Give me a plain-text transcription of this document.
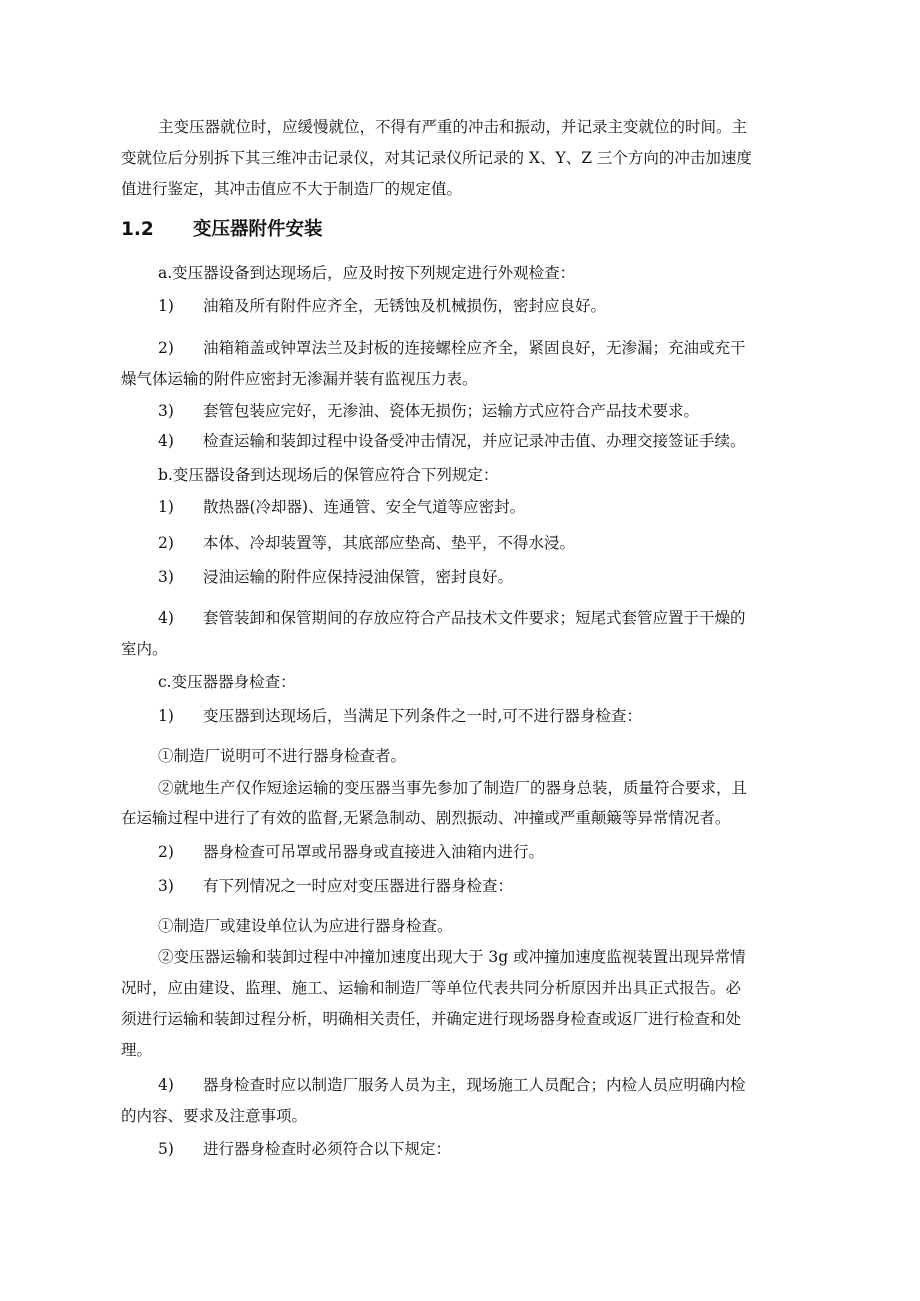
主变压器就位时，应缓慢就位，不得有严重的冲击和振动，并记录主变就位的时间。主

变就位后分别拆下其三维冲击记录仪，对其记录仪所记录的 X、Y、Z 三个方向的冲击加速度

值进行鉴定，其冲击值应不大于制造厂的规定值。

1.2 变压器附件安装

a.变压器设备到达现场后，应及时按下列规定进行外观检查：

1) 油箱及所有附件应齐全，无锈蚀及机械损伤，密封应良好。

2) 油箱箱盖或钟罩法兰及封板的连接螺栓应齐全，紧固良好，无渗漏；充油或充干

燥气体运输的附件应密封无渗漏并装有监视压力表。

3) 套管包装应完好，无渗油、瓷体无损伤；运输方式应符合产品技术要求。

4) 检查运输和装卸过程中设备受冲击情况，并应记录冲击值、办理交接签证手续。

b.变压器设备到达现场后的保管应符合下列规定：

1) 散热器(冷却器)、连通管、安全气道等应密封。

2) 本体、冷却装置等，其底部应垫高、垫平，不得水浸。

3) 浸油运输的附件应保持浸油保管，密封良好。

4) 套管装卸和保管期间的存放应符合产品技术文件要求；短尾式套管应置于干燥的

室内。

c.变压器器身检查：

1) 变压器到达现场后，当满足下列条件之一时,可不进行器身检查：

①制造厂说明可不进行器身检查者。

②就地生产仅作短途运输的变压器当事先参加了制造厂的器身总装，质量符合要求，且

在运输过程中进行了有效的监督,无紧急制动、剧烈振动、冲撞或严重颠簸等异常情况者。

2) 器身检查可吊罩或吊器身或直接进入油箱内进行。

3) 有下列情况之一时应对变压器进行器身检查：

①制造厂或建设单位认为应进行器身检查。

②变压器运输和装卸过程中冲撞加速度出现大于 3g 或冲撞加速度监视装置出现异常情

况时，应由建设、监理、施工、运输和制造厂等单位代表共同分析原因并出具正式报告。必

须进行运输和装卸过程分析，明确相关责任，并确定进行现场器身检查或返厂进行检查和处

理。

4) 器身检查时应以制造厂服务人员为主，现场施工人员配合；内检人员应明确内检

的内容、要求及注意事项。

5) 进行器身检查时必须符合以下规定：
